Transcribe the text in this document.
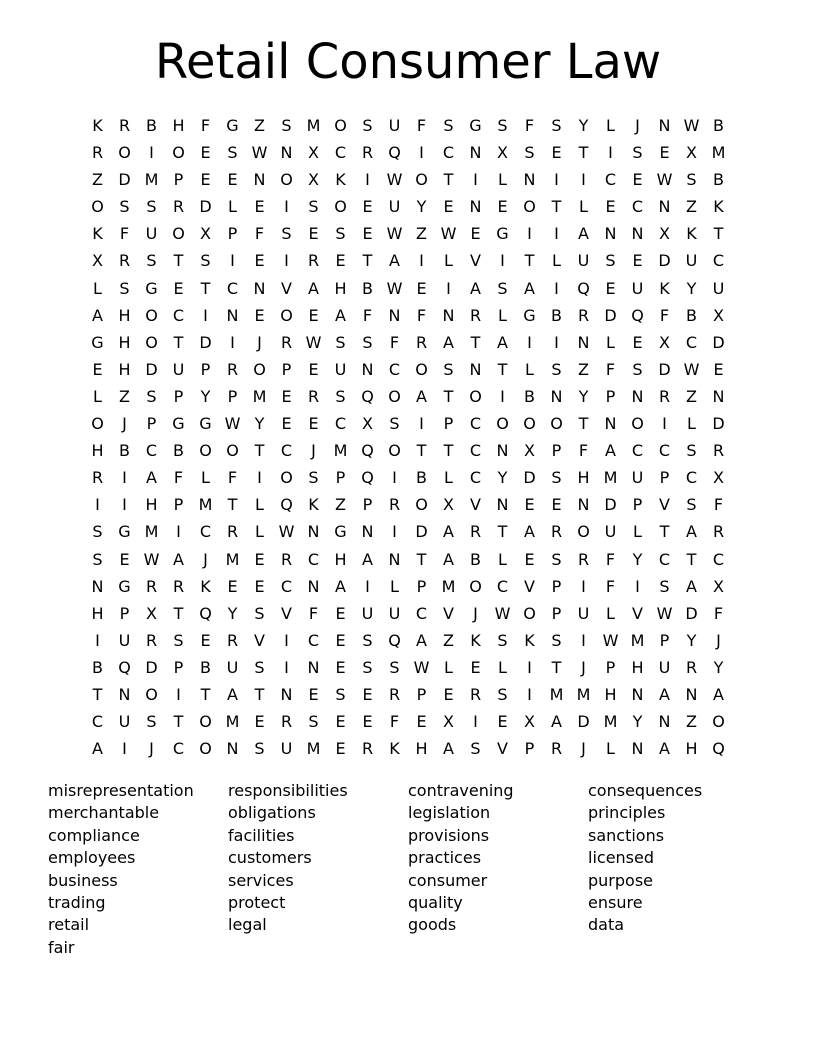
Retail Consumer Law
K	R B H	F	G Z	S M O S	U	F	S G S	F	S	Y	L	J	N W B
R O	I	O E	S W N X C R Q	I	C N X	S	E	T	I	S	E	X M
Z D M P	E	E N O X	K	I	W O T	I	L	N	I	I	C	E W S	B
O S	S	R D	L	E	I	S O E	U	Y	E N E O T	L	E	C N Z	K
K	F	U O X	P	F	S	E	S	E W Z W E G	I	I	A N N X	K	T
X R	S	T	S	I	E	I	R	E	T	A	I	L	V	I	T	L	U	S	E D U C
L	S G E	T	C N V	A H B W E	I	A	S	A	I	Q E	U K	Y	U
A H O C	I	N E O E	A	F	N	F	N R	L	G B R D Q	F	B	X
G H O T D	I	J	R W S	S	F	R A	T	A	I	I	N	L	E	X C D
E H D U	P	R O P	E	U N C O S N	T	L	S	Z	F	S D W E
L	Z	S	P	Y	P M E	R	S Q O A	T O	I	B N	Y	P	N R Z N
O	J	P G G W Y	E	E	C X	S	I	P	C O O O T	N O	I	L	D
H B C B O O T	C	J	M Q O T	T	C N X	P	F	A C C	S	R
R	I	A	F	L	F	I	O S	P Q	I	B	L	C	Y D S H M U	P	C X
I	I	H	P M T	L	Q K	Z	P	R O X	V N E	E N D	P	V	S	F
S G M	I	C R	L W N G N	I	D A R	T	A R O U	L	T	A R
S	E W A	J	M E	R C H A N	T	A	B	L	E	S	R	F	Y	C	T	C
N G R R	K	E	E	C N A	I	L	P M O C V	P	I	F	I	S	A	X
H	P	X	T Q Y	S	V	F	E	U U C V	J	W O P	U	L	V W D	F
I	U R	S	E	R V	I	C	E	S Q A	Z	K	S	K	S	I	W M P	Y	J
B Q D	P	B U	S	I	N E	S	S W L	E	L	I	T	J	P	H U R	Y
T	N O	I	T	A	T	N E	S	E	R	P	E	R	S	I	M M H N A N A
C U	S	T O M E	R	S	E	E	F	E	X	I	E	X	A D M Y	N Z O
A	I	J	C O N S	U M E	R	K H A	S	V	P	R	J	L	N A H Q
misrepresentation
merchantable
compliance
employees
business
trading
retail
fair
responsibilities
obligations
facilities
customers
services
protect
legal
contravening
legislation
provisions
practices
consumer
quality
goods
consequences
principles
sanctions
licensed
purpose
ensure
data
